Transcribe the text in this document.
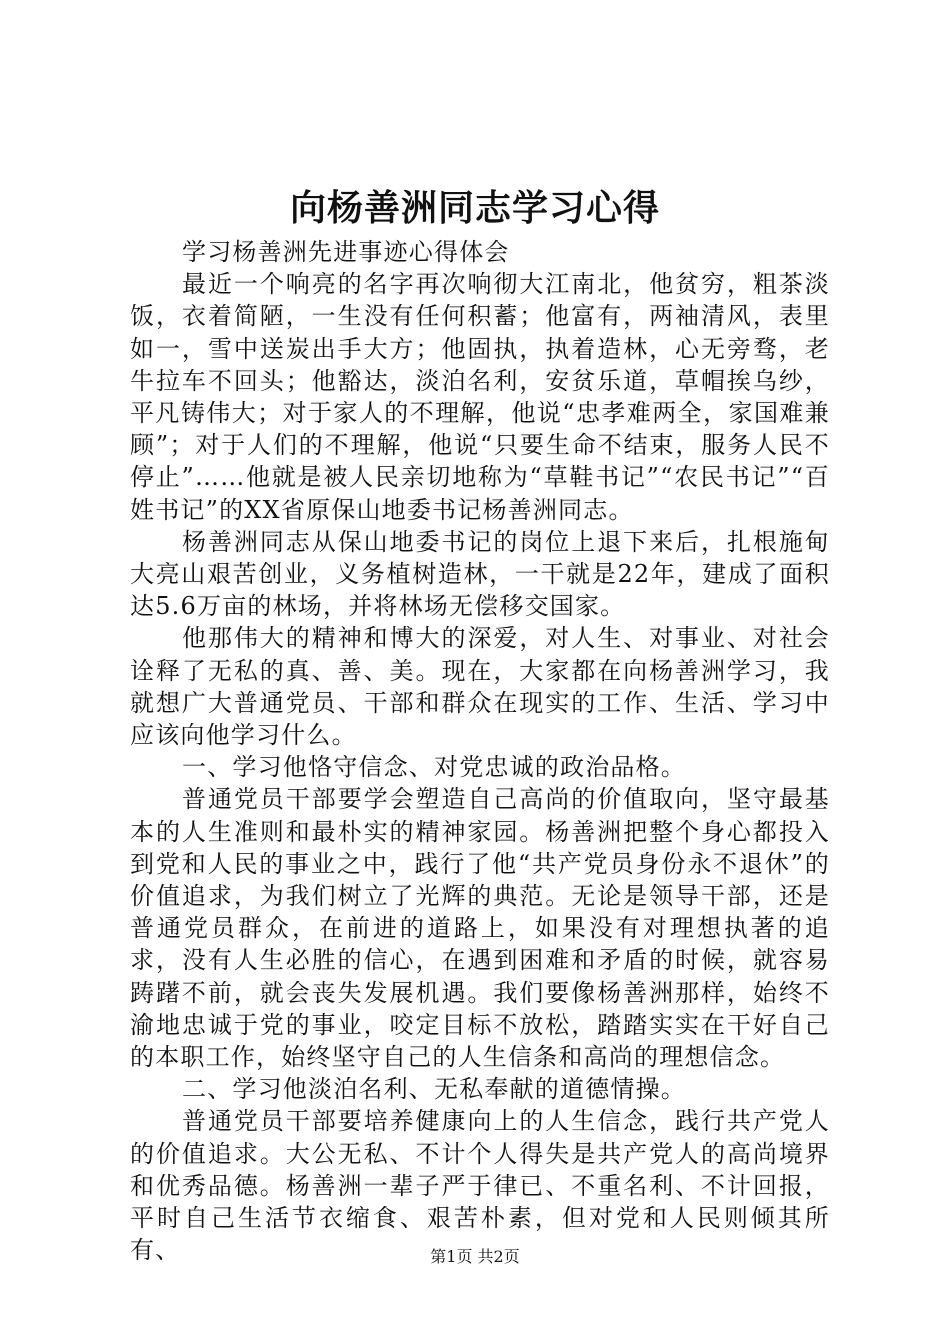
向杨善洲同志学习心得

学习杨善洲先进事迹心得体会

最近一个响亮的名字再次响彻大江南北，他贫穷，粗茶淡饭，衣着简陋，一生没有任何积蓄；他富有，两袖清风，表里如一，雪中送炭出手大方；他固执，执着造林，心无旁骛，老牛拉车不回头；他豁达，淡泊名利，安贫乐道，草帽挨乌纱，平凡铸伟大；对于家人的不理解，他说“忠孝难两全，家国难兼顾”；对于人们的不理解，他说“只要生命不结束，服务人民不停止”……他就是被人民亲切地称为“草鞋书记”“农民书记”“百姓书记”的XX省原保山地委书记杨善洲同志。

杨善洲同志从保山地委书记的岗位上退下来后，扎根施甸大亮山艰苦创业，义务植树造林，一干就是22年，建成了面积达5.6万亩的林场，并将林场无偿移交国家。

他那伟大的精神和博大的深爱，对人生、对事业、对社会诠释了无私的真、善、美。现在，大家都在向杨善洲学习，我就想广大普通党员、干部和群众在现实的工作、生活、学习中应该向他学习什么。

一、学习他恪守信念、对党忠诚的政治品格。

普通党员干部要学会塑造自己高尚的价值取向，坚守最基本的人生准则和最朴实的精神家园。杨善洲把整个身心都投入到党和人民的事业之中，践行了他“共产党员身份永不退休”的价值追求，为我们树立了光辉的典范。无论是领导干部，还是普通党员群众，在前进的道路上，如果没有对理想执著的追求，没有人生必胜的信心，在遇到困难和矛盾的时候，就容易踌躇不前，就会丧失发展机遇。我们要像杨善洲那样，始终不渝地忠诚于党的事业，咬定目标不放松，踏踏实实在干好自己的本职工作，始终坚守自己的人生信条和高尚的理想信念。

二、学习他淡泊名利、无私奉献的道德情操。

普通党员干部要培养健康向上的人生信念，践行共产党人的价值追求。大公无私、不计个人得失是共产党人的高尚境界和优秀品德。杨善洲一辈子严于律已、不重名利、不计回报，平时自己生活节衣缩食、艰苦朴素，但对党和人民则倾其所有、	第1页 共2页
